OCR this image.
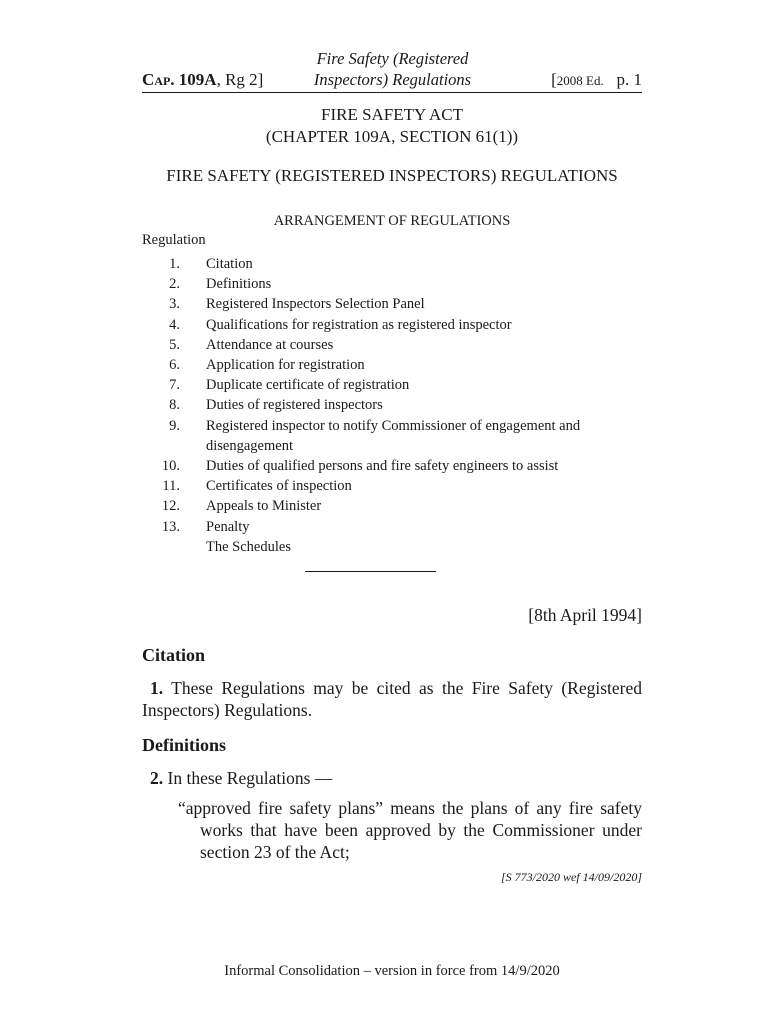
Cap. 109A, Rg 2]
Fire Safety (Registered
Inspectors) Regulations	[2008 Ed. p. 1
FIRE SAFETY ACT
(CHAPTER 109A, SECTION 61(1))
FIRE SAFETY (REGISTERED INSPECTORS) REGULATIONS
ARRANGEMENT OF REGULATIONS
Regulation
1. Citation
2. Definitions
3. Registered Inspectors Selection Panel
4. Qualifications for registration as registered inspector
5. Attendance at courses
6. Application for registration
7. Duplicate certificate of registration
8. Duties of registered inspectors
9. Registered inspector to notify Commissioner of engagement and disengagement
10. Duties of qualified persons and fire safety engineers to assist
11. Certificates of inspection
12. Appeals to Minister
13. Penalty
The Schedules
[8th April 1994]
Citation
1. These Regulations may be cited as the Fire Safety (Registered Inspectors) Regulations.
Definitions
2. In these Regulations —
“approved fire safety plans” means the plans of any fire safety works that have been approved by the Commissioner under section 23 of the Act;
[S 773/2020 wef 14/09/2020]
Informal Consolidation – version in force from 14/9/2020
